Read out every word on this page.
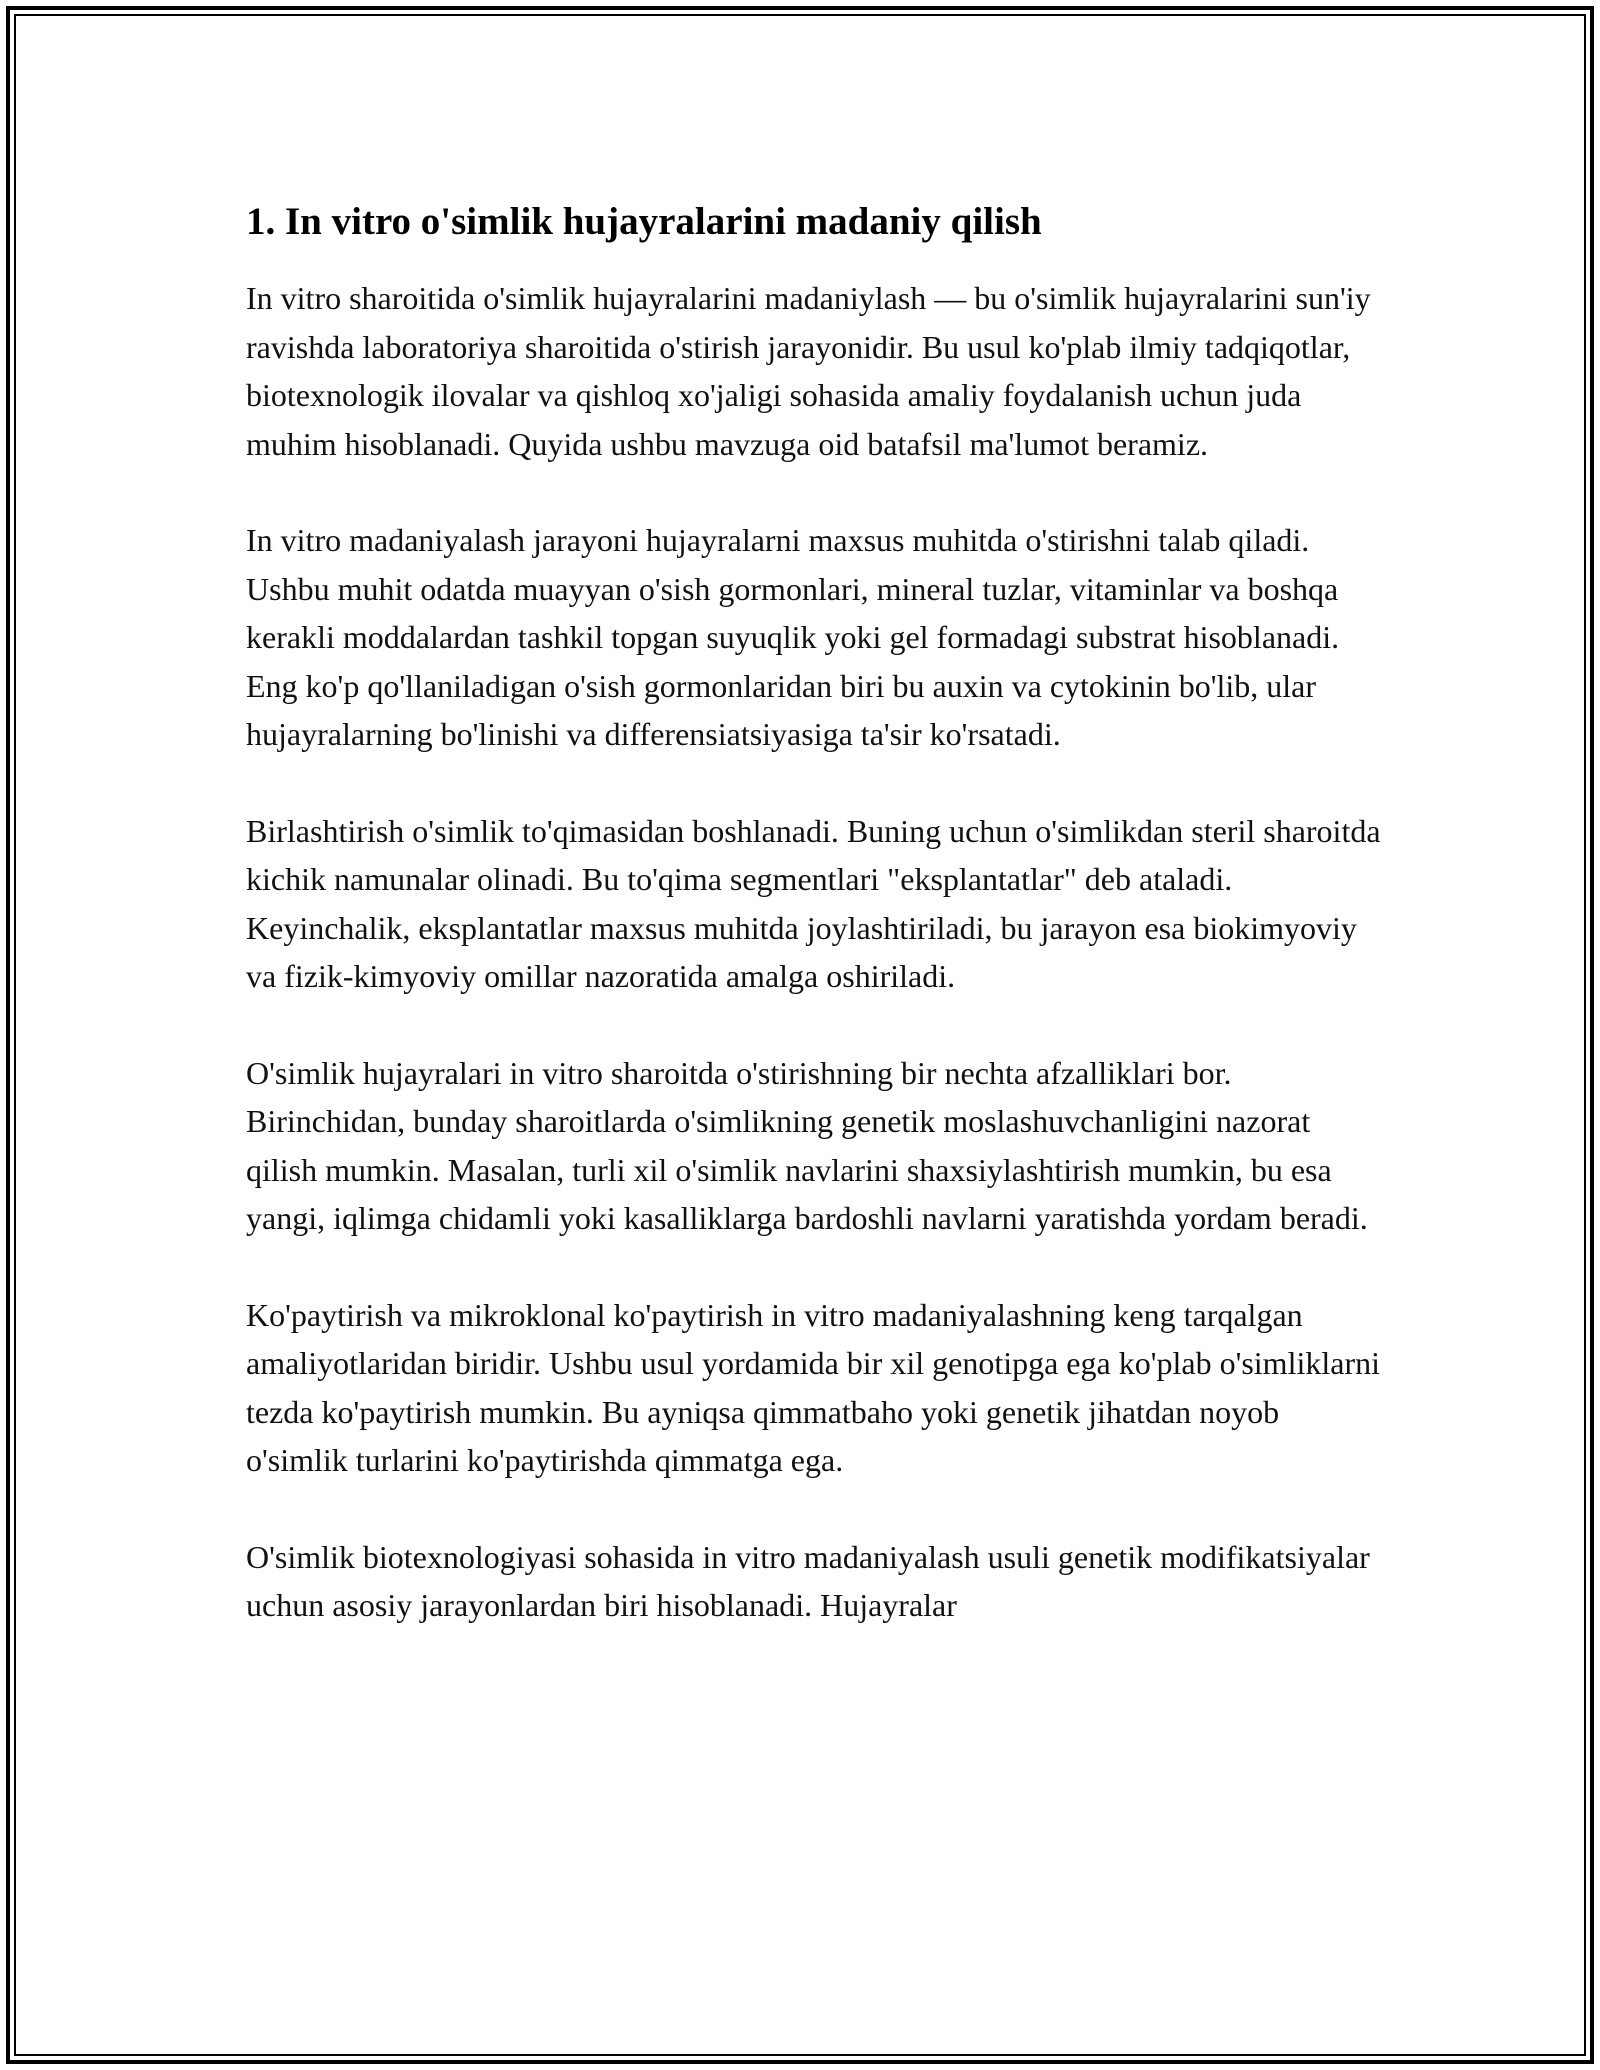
1. In vitro o'simlik hujayralarini madaniy qilish

In vitro sharoitida o'simlik hujayralarini madaniylash — bu o'simlik hujayralarini sun'iy ravishda laboratoriya sharoitida o'stirish jarayonidir. Bu usul ko'plab ilmiy tadqiqotlar, biotexnologik ilovalar va qishloq xo'jaligi sohasida amaliy foydalanish uchun juda muhim hisoblanadi. Quyida ushbu mavzuga oid batafsil ma'lumot beramiz.

In vitro madaniyalash jarayoni hujayralarni maxsus muhitda o'stirishni talab qiladi. Ushbu muhit odatda muayyan o'sish gormonlari, mineral tuzlar, vitaminlar va boshqa kerakli moddalardan tashkil topgan suyuqlik yoki gel formadagi substrat hisoblanadi. Eng ko'p qo'llaniladigan o'sish gormonlaridan biri bu auxin va cytokinin bo'lib, ular hujayralarning bo'linishi va differensiatsiyasiga ta'sir ko'rsatadi.

Birlashtirish o'simlik to'qimasidan boshlanadi. Buning uchun o'simlikdan steril sharoitda kichik namunalar olinadi. Bu to'qima segmentlari "eksplantatlar" deb ataladi. Keyinchalik, eksplantatlar maxsus muhitda joylashtiriladi, bu jarayon esa biokimyoviy va fizik-kimyoviy omillar nazoratida amalga oshiriladi.

O'simlik hujayralari in vitro sharoitda o'stirishning bir nechta afzalliklari bor. Birinchidan, bunday sharoitlarda o'simlikning genetik moslashuvchanligini nazorat qilish mumkin. Masalan, turli xil o'simlik navlarini shaxsiylashtirish mumkin, bu esa yangi, iqlimga chidamli yoki kasalliklarga bardoshli navlarni yaratishda yordam beradi.

Ko'paytirish va mikroklonal ko'paytirish in vitro madaniyalashning keng tarqalgan amaliyotlaridan biridir. Ushbu usul yordamida bir xil genotipga ega ko'plab o'simliklarni tezda ko'paytirish mumkin. Bu ayniqsa qimmatbaho yoki genetik jihatdan noyob o'simlik turlarini ko'paytirishda qimmatga ega.

O'simlik biotexnologiyasi sohasida in vitro madaniyalash usuli genetik modifikatsiyalar uchun asosiy jarayonlardan biri hisoblanadi. Hujayralar
